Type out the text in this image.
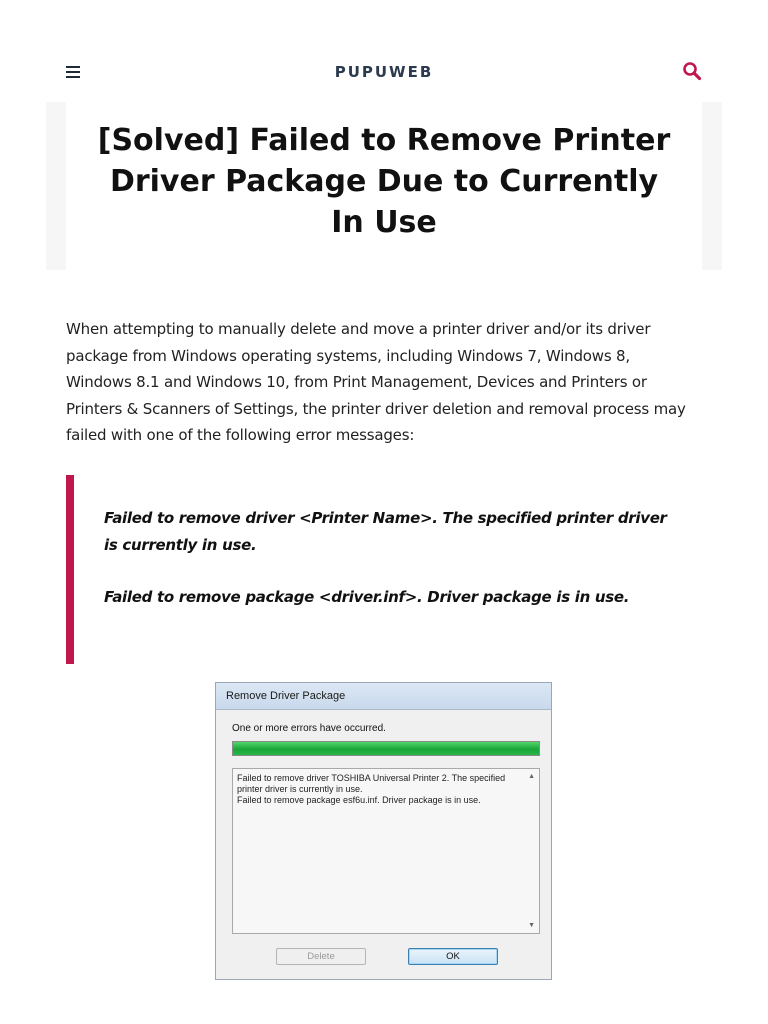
PUPUWEB
[Solved] Failed to Remove Printer Driver Package Due to Currently In Use

When attempting to manually delete and move a printer driver and/or its driver package from Windows operating systems, including Windows 7, Windows 8, Windows 8.1 and Windows 10, from Print Management, Devices and Printers or Printers & Scanners of Settings, the printer driver deletion and removal process may failed with one of the following error messages:

Failed to remove driver <Printer Name>. The specified printer driver is currently in use.

Failed to remove package <driver.inf>. Driver package is in use.

Remove Driver Package
One or more errors have occurred.
Failed to remove driver TOSHIBA Universal Printer 2. The specified printer driver is currently in use.
Failed to remove package esf6u.inf. Driver package is in use.
▲
▼
Delete	OK
